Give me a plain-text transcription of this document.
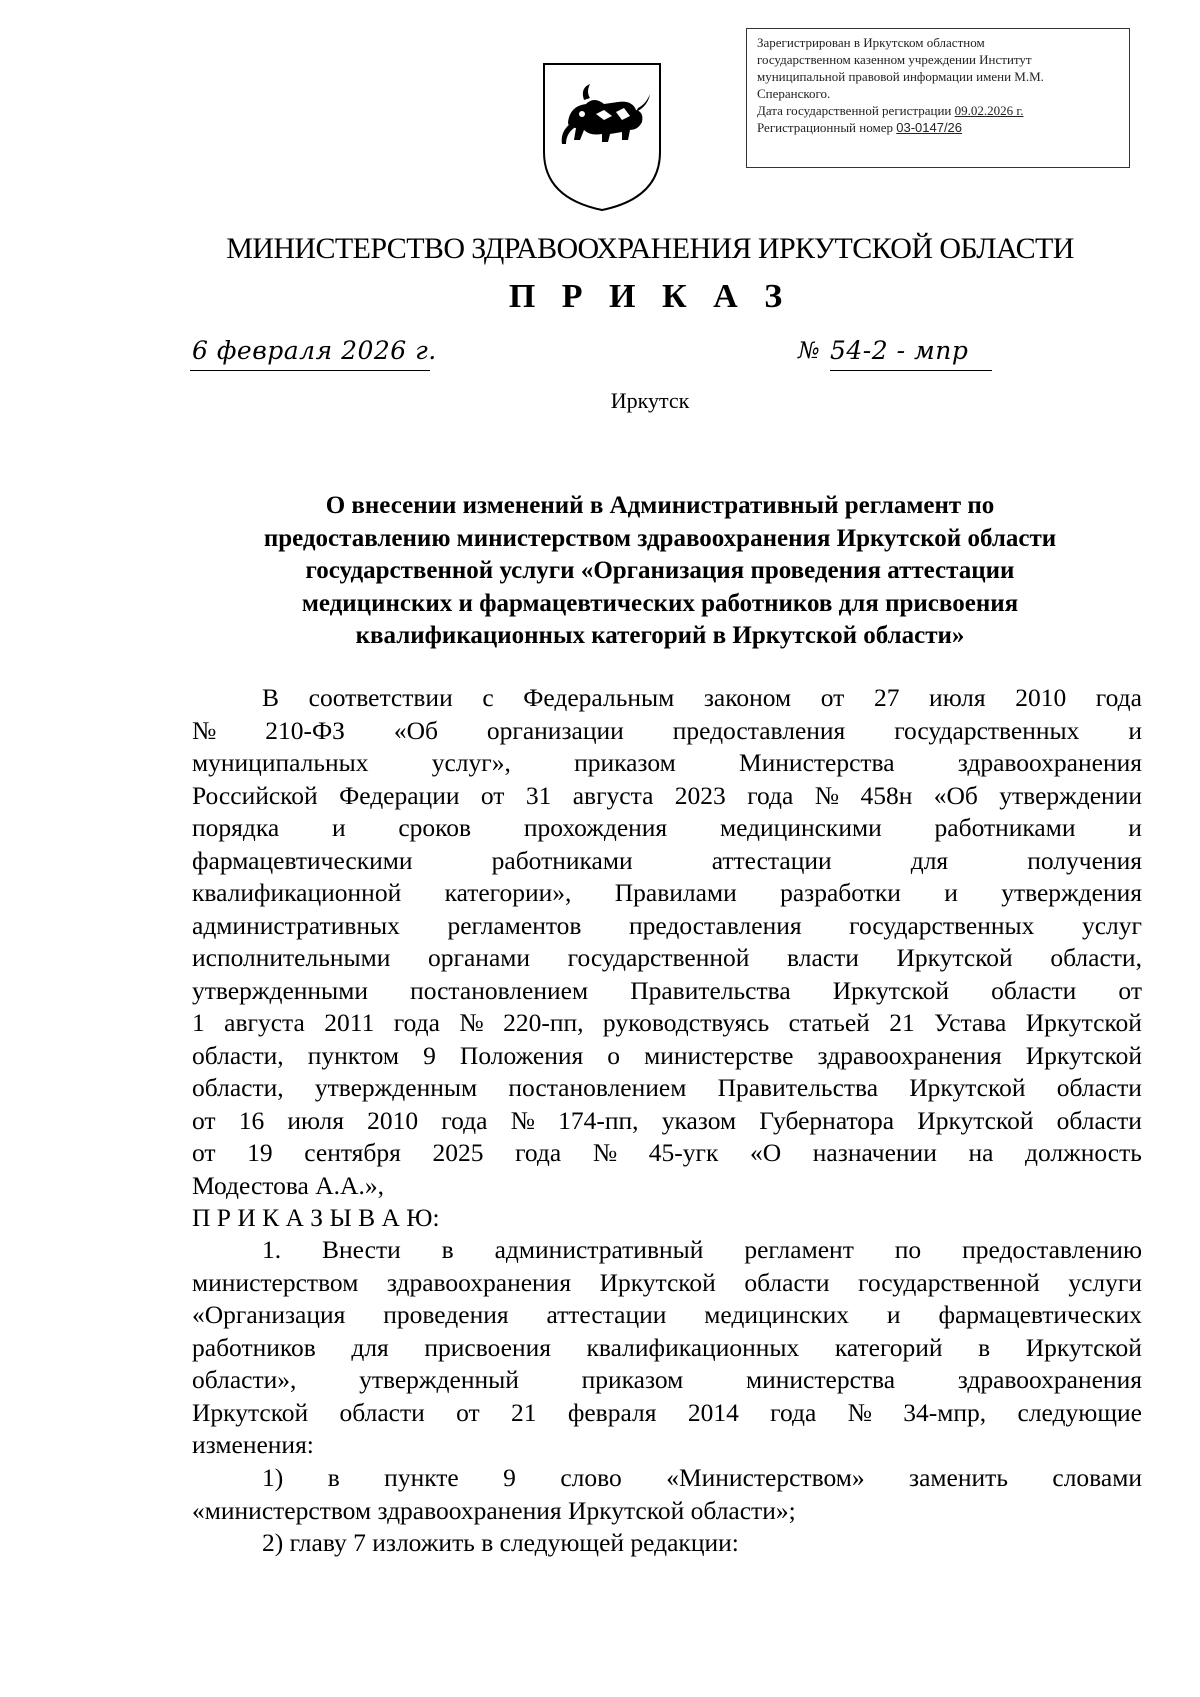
Зарегистрирован в Иркутском областном
государственном казенном учреждении Институт
муниципальной правовой информации имени М.М.
Сперанского.
Дата государственной регистрации 09.02.2026 г.
Регистрационный номер 03-0147/26
МИНИСТЕРСТВО ЗДРАВООХРАНЕНИЯ ИРКУТСКОЙ ОБЛАСТИ
П Р И К А З
6 февраля 2026 г.	№ 54-2 - мпр
Иркутск
О внесении изменений в Административный регламент по
предоставлению министерством здравоохранения Иркутской области
государственной услуги «Организация проведения аттестации
медицинских и фармацевтических работников для присвоения
квалификационных категорий в Иркутской области»
В соответствии с Федеральным законом от 27 июля 2010 года
№ 210-ФЗ «Об организации предоставления государственных и
муниципальных услуг», приказом Министерства здравоохранения
Российской Федерации от 31 августа 2023 года № 458н «Об утверждении
порядка и сроков прохождения медицинскими работниками и
фармацевтическими	работниками	аттестации	для	получения
квалификационной категории», Правилами разработки и утверждения
административных регламентов предоставления государственных услуг
исполнительными органами государственной власти Иркутской области,
утвержденными постановлением Правительства Иркутской области от
1 августа 2011 года № 220-пп, руководствуясь статьей 21 Устава Иркутской
области, пунктом 9 Положения о министерстве здравоохранения Иркутской
области, утвержденным постановлением Правительства Иркутской области
от 16 июля 2010 года № 174-пп, указом Губернатора Иркутской области
от 19 сентября 2025 года № 45-угк «О назначении на должность
Модестова А.А.»,
П Р И К А З Ы В А Ю:
1. Внести в административный регламент по предоставлению
министерством здравоохранения Иркутской области государственной услуги
«Организация проведения аттестации медицинских и фармацевтических
работников для присвоения квалификационных категорий в Иркутской
области», утвержденный приказом министерства здравоохранения
Иркутской области от 21 февраля 2014 года № 34-мпр, следующие
изменения:
1) в пункте 9 слово «Министерством» заменить словами
«министерством здравоохранения Иркутской области»;
2) главу 7 изложить в следующей редакции:
